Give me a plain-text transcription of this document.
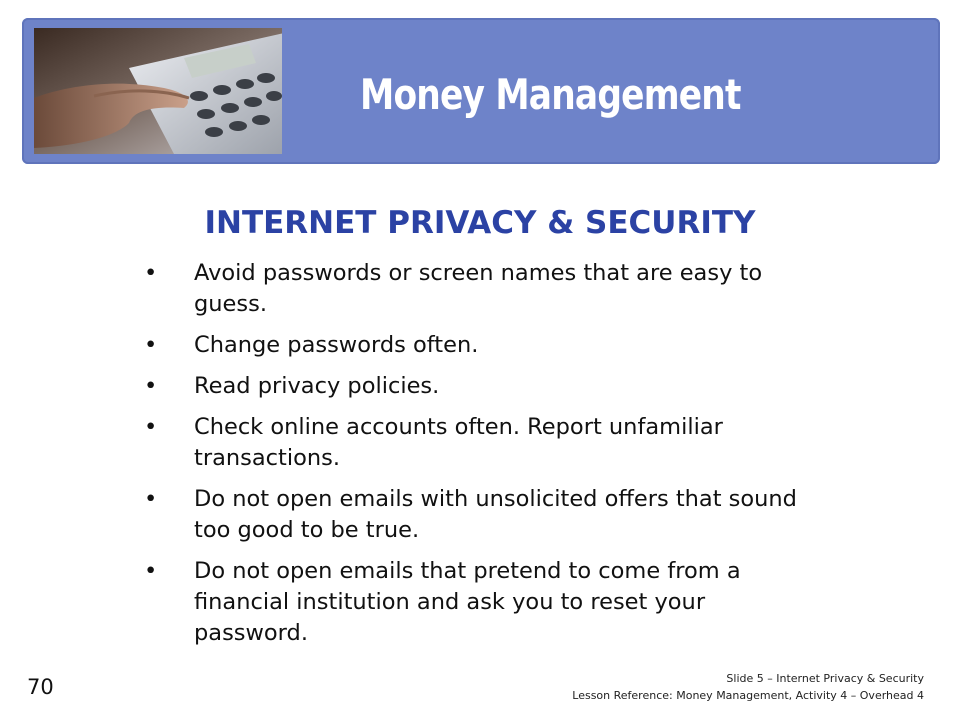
Money Management
INTERNET PRIVACY & SECURITY
• Avoid passwords or screen names that are easy to guess.
• Change passwords often.
• Read privacy policies.
• Check online accounts often. Report unfamiliar transactions.
• Do not open emails with unsolicited offers that sound too good to be true.
• Do not open emails that pretend to come from a financial institution and ask you to reset your password.
70	Slide 5 – Internet Privacy & Security
Lesson Reference: Money Management, Activity 4 – Overhead 4
